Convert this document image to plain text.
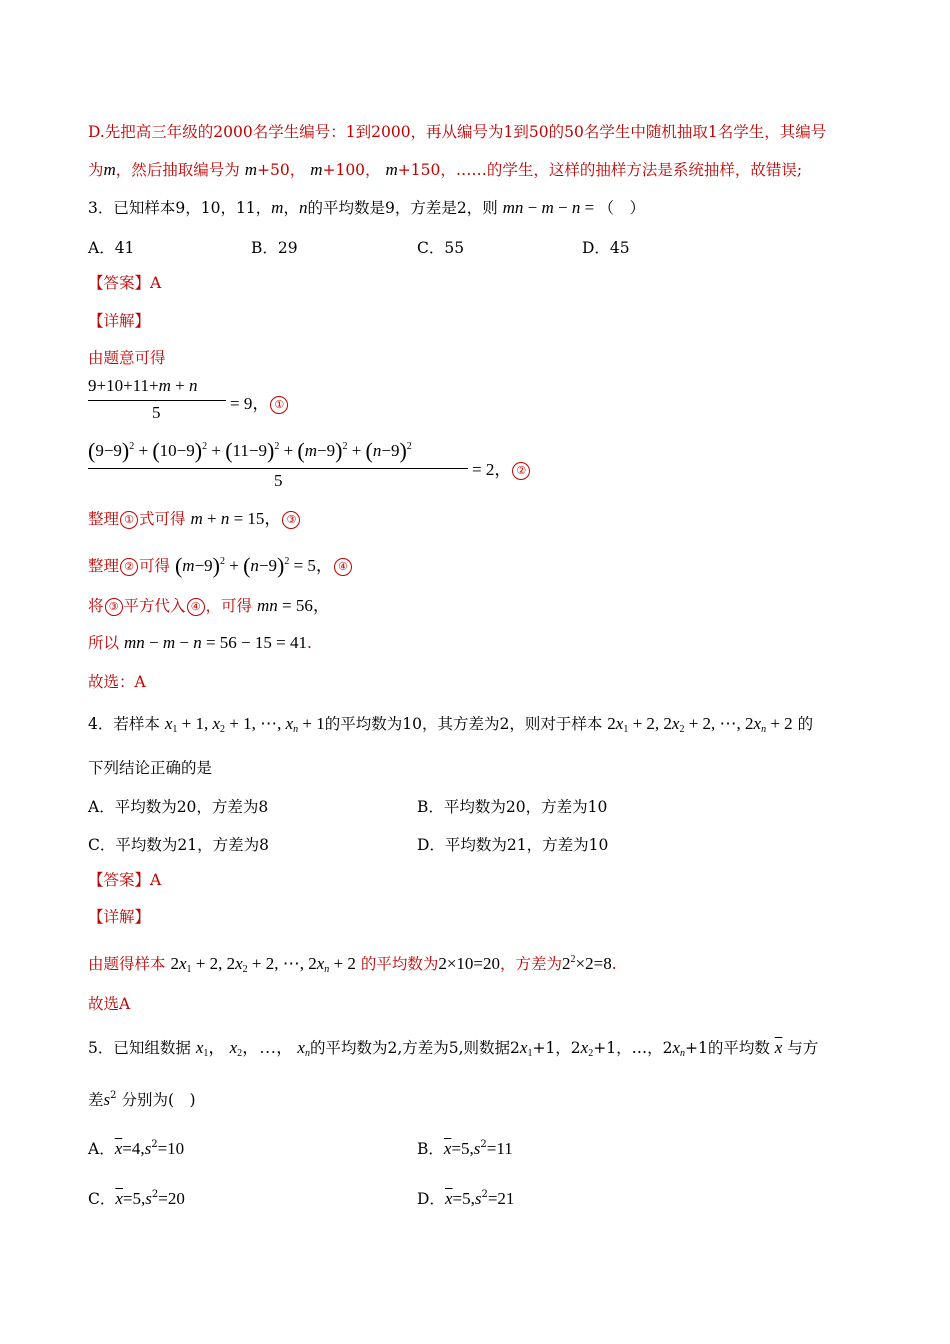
D.先把高三年级的2000名学生编号：1到2000，再从编号为1到50的50名学生中随机抽取1名学生，其编号
为m，然后抽取编号为 m+50， m+100， m+150，……的学生，这样的抽样方法是系统抽样，故错误;
3．已知样本9，10，11，m，n的平均数是9，方差是2，则 mn − m − n = （　）
A．41	B．29	C．55	D．45
【答案】A
【详解】
由题意可得
9+10+11+m + n
5	= 9， ①
$(9-9)^2 + (10-9)^2 + (11-9)^2 + (m-9)^2 + (n-9)^2$
5
= 2， ②
整理 ① 式可得 m + n = 15， ③
整理 ② 可得 $(m-9)^2 + (n-9)^2 = 5$， ④
将 ③ 平方代入 ④ ，可得 mn = 56，
所以 mn − m − n = 56 − 15 = 41.
故选：A
4．若样本 $x_1 + 1$, $x_2 + 1$, ⋯, $x_n + 1$的平均数为10，其方差为2，则对于样本 $2x_1 + 2$, $2x_2 + 2$, ⋯, $2x_n + 2$ 的
下列结论正确的是
A．平均数为20，方差为8	B．平均数为20，方差为10
C．平均数为21，方差为8	D．平均数为21，方差为10
【答案】A
【详解】
由题得样本 $2x_1 + 2$, $2x_2 + 2$, ⋯, $2x_n + 2$ 的平均数为2×10=20，方差为$2^2\times 2=8$.
故选A
5．已知组数据 $x_1$， $x_2$，…， $x_n$的平均数为2,方差为5,则数据$2x_1+1$，$2x_2+1$，…，$2x_n+1$的平均数 $\overline{x}$ 与方
差$s^2$ 分别为(　)
A．$\overline{x}=4,s^2=10$	B．$\overline{x}=5,s^2=11$
C．$\overline{x}=5,s^2=20$	D．$\overline{x}=5,s^2=21$
